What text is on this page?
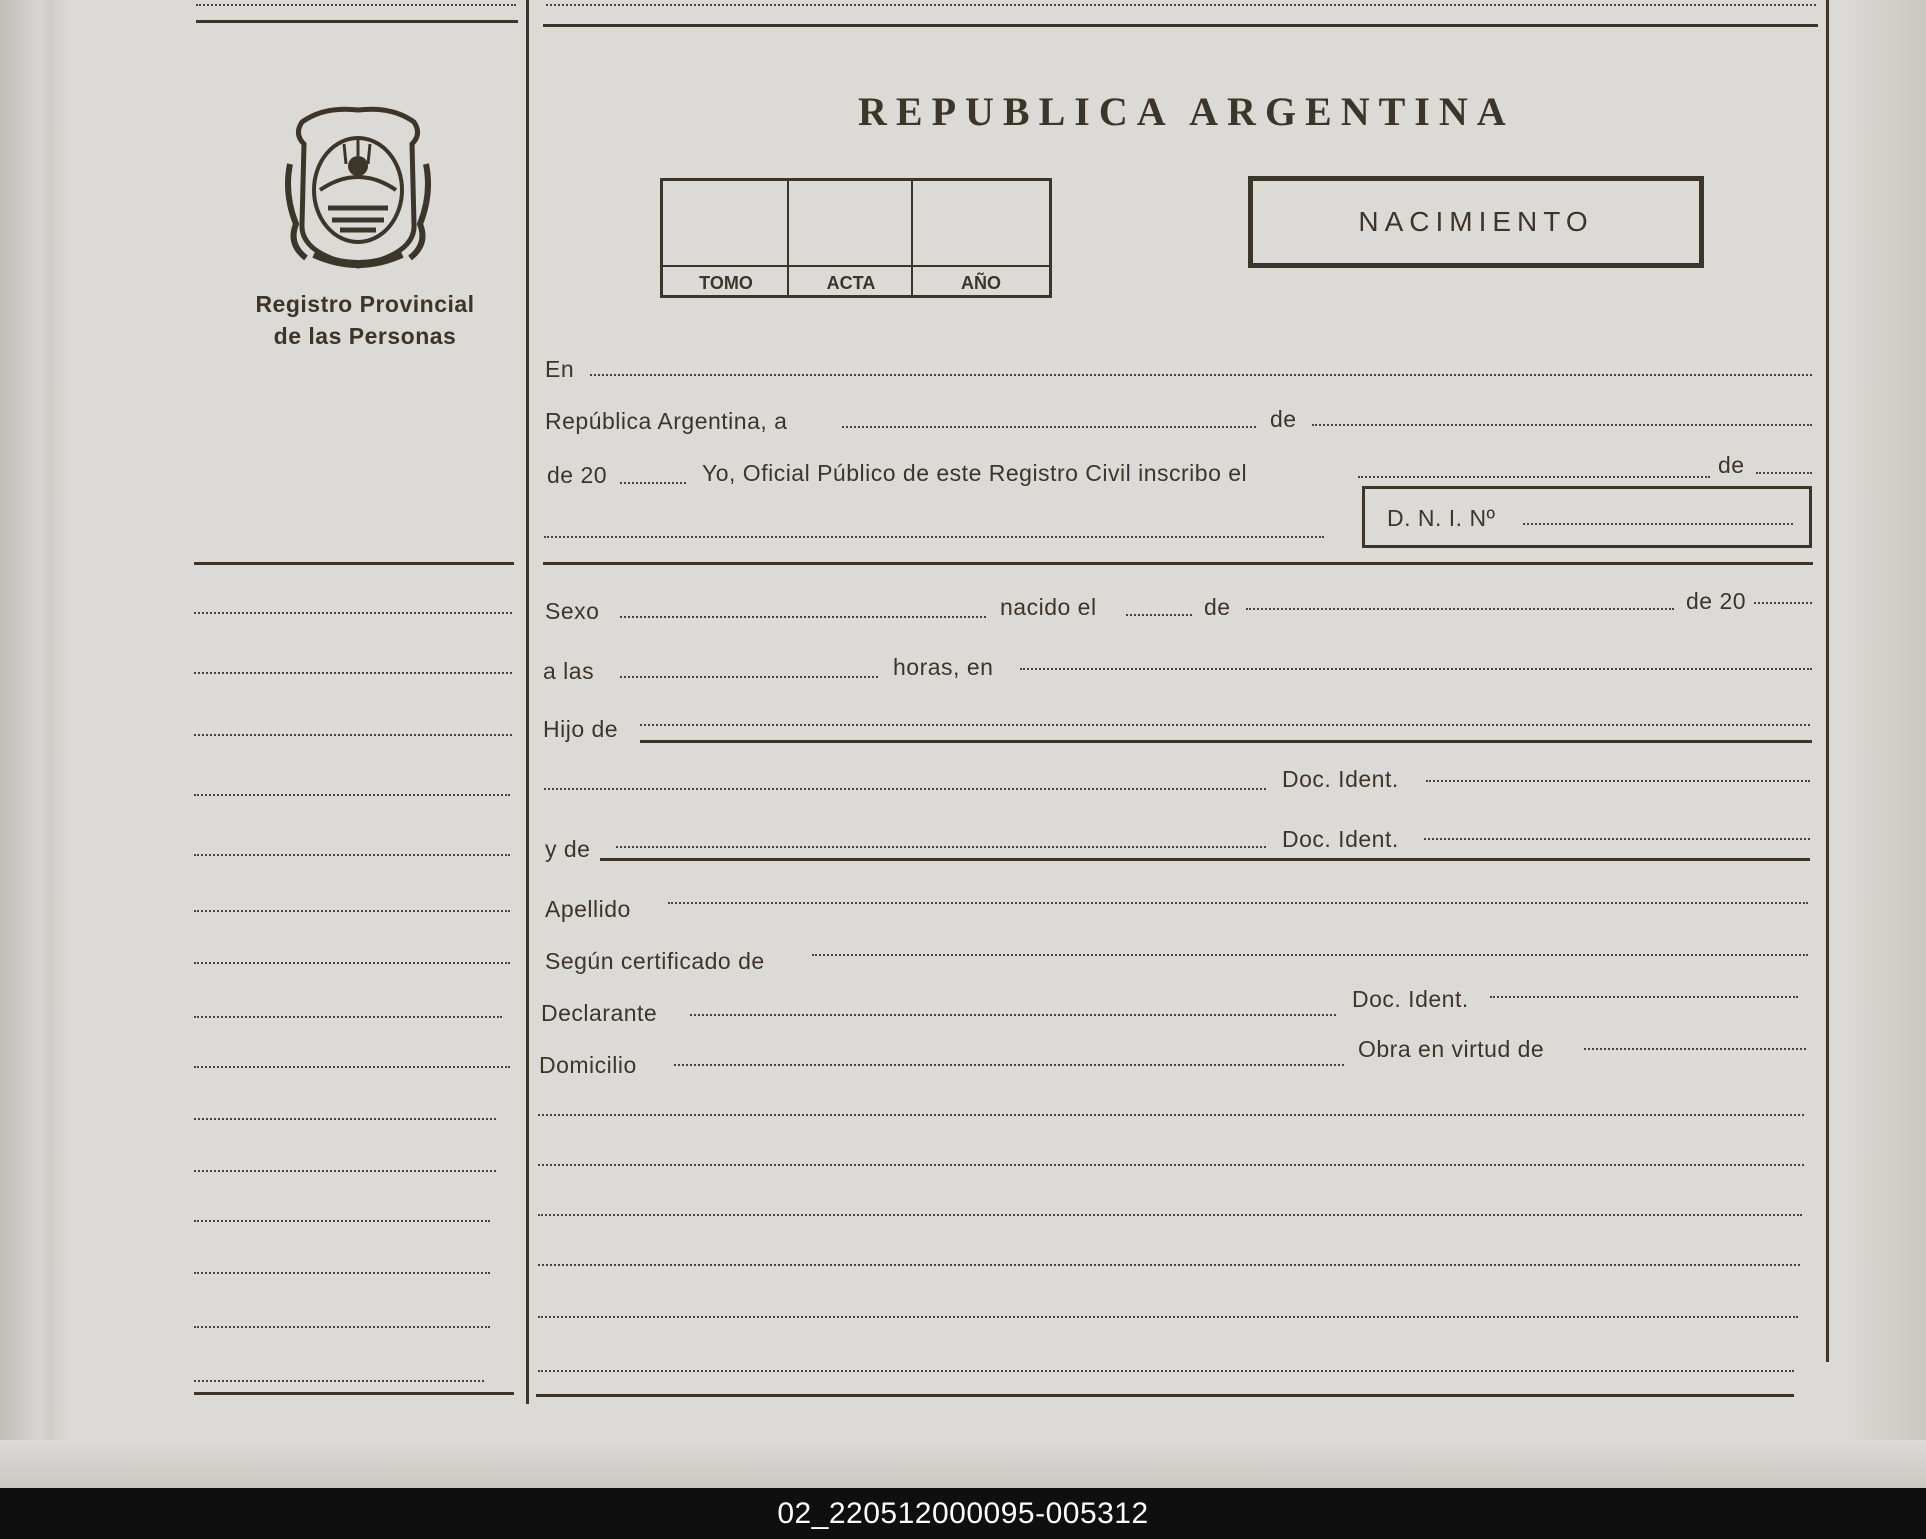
Registro Provincial
de las Personas
REPUBLICA ARGENTINA
TOMO	ACTA	AÑO
NACIMIENTO
En
República Argentina, a	de
de 20	Yo, Oficial Público de este Registro Civil inscribo el	de
D. N. I. Nº
Sexo	nacido el	de	de 20
a las	horas, en
Hijo de
Doc. Ident.
y de	Doc. Ident.
Apellido
Según certificado de
Declarante
Doc. Ident.
Domicilio
Obra en virtud de
02_220512000095-005312
